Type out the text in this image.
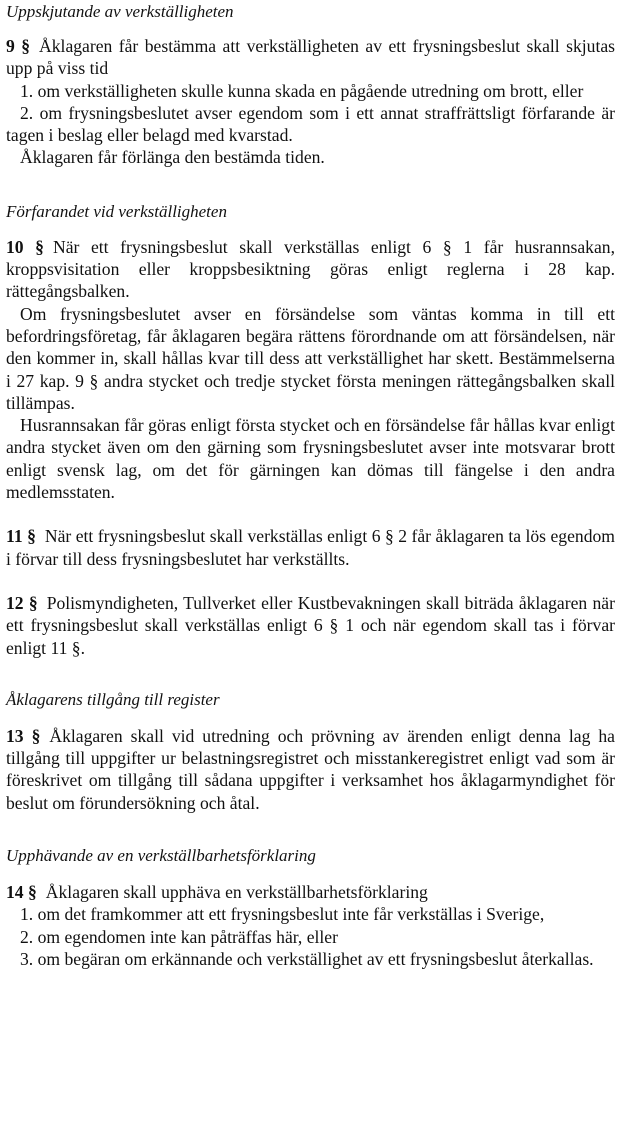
Uppskjutande av verkställigheten

9 § Åklagaren får bestämma att verkställigheten av ett frysningsbeslut skall skjutas upp på viss tid

1. om verkställigheten skulle kunna skada en pågående utredning om brott, eller

2. om frysningsbeslutet avser egendom som i ett annat straffrättsligt förfarande är tagen i beslag eller belagd med kvarstad.

Åklagaren får förlänga den bestämda tiden.

Förfarandet vid verkställigheten

10 § När ett frysningsbeslut skall verkställas enligt 6 § 1 får husrannsakan, kroppsvisitation eller kroppsbesiktning göras enligt reglerna i 28 kap. rättegångsbalken.

Om frysningsbeslutet avser en försändelse som väntas komma in till ett befordringsföretag, får åklagaren begära rättens förordnande om att försändelsen, när den kommer in, skall hållas kvar till dess att verkställighet har skett. Bestämmelserna i 27 kap. 9 § andra stycket och tredje stycket första meningen rättegångsbalken skall tillämpas.

Husrannsakan får göras enligt första stycket och en försändelse får hållas kvar enligt andra stycket även om den gärning som frysningsbeslutet avser inte motsvarar brott enligt svensk lag, om det för gärningen kan dömas till fängelse i den andra medlemsstaten.

11 § När ett frysningsbeslut skall verkställas enligt 6 § 2 får åklagaren ta lös egendom i förvar till dess frysningsbeslutet har verkställts.

12 § Polismyndigheten, Tullverket eller Kustbevakningen skall biträda åklagaren när ett frysningsbeslut skall verkställas enligt 6 § 1 och när egendom skall tas i förvar enligt 11 §.

Åklagarens tillgång till register

13 § Åklagaren skall vid utredning och prövning av ärenden enligt denna lag ha tillgång till uppgifter ur belastningsregistret och misstankeregistret enligt vad som är föreskrivet om tillgång till sådana uppgifter i verksamhet hos åklagarmyndighet för beslut om förundersökning och åtal.

Upphävande av en verkställbarhetsförklaring

14 § Åklagaren skall upphäva en verkställbarhetsförklaring

1. om det framkommer att ett frysningsbeslut inte får verkställas i Sverige,

2. om egendomen inte kan påträffas här, eller

3. om begäran om erkännande och verkställighet av ett frysningsbeslut återkallas.
